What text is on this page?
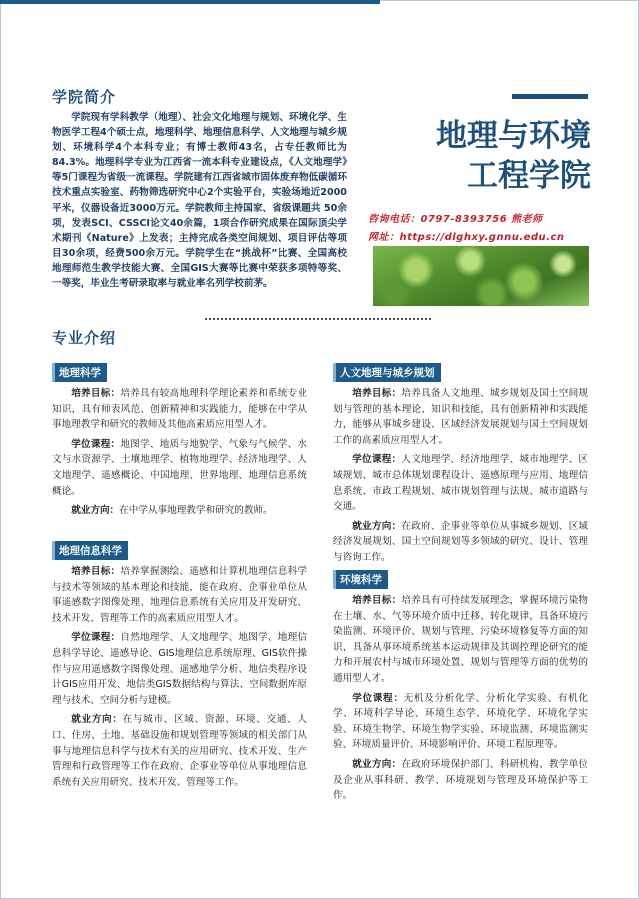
学院简介

学院现有学科教学（地理）、社会文化地理与规划、环境化学、生物医学工程4个硕士点，地理科学、地理信息科学、人文地理与城乡规划、环境科学4个本科专业；有博士教师43名，占专任教师比为84.3%。地理科学专业为江西省一流本科专业建设点，《人文地理学》等5门课程为省级一流课程。学院建有江西省城市固体废弃物低碳循环技术重点实验室、药物筛选研究中心2个实验平台，实验场地近2000平米，仪器设备近3000万元。学院教师主持国家、省级课题共 50余项，发表SCI、CSSCI论文40余篇，1项合作研究成果在国际顶尖学术期刊《Nature》上发表；主持完成各类空间规划、项目评估等项目30余项，经费500余万元。学院学生在“挑战杯”比赛、全国高校地理师范生教学技能大赛、全国GIS大赛等比赛中荣获多项特等奖、一等奖，毕业生考研录取率与就业率名列学校前茅。

地理与环境
工程学院
咨询电话：0797-8393756 熊老师
网址：https://dlghxy.gnnu.edu.cn
专业介绍
地理科学

培养目标：培养具有较高地理科学理论素养和系统专业知识，具有师表风范、创新精神和实践能力，能够在中学从事地理教学和研究的教师及其他高素质应用型人才。

学位课程：地图学、地质与地貌学、气象与气候学、水文与水资源学、土壤地理学、植物地理学、经济地理学、人文地理学、遥感概论、中国地理、世界地理、地理信息系统概论。

就业方向：在中学从事地理教学和研究的教师。

地理信息科学

培养目标：培养掌握测绘、遥感和计算机地理信息科学与技术等领域的基本理论和技能，能在政府、企事业单位从事遥感数字图像处理、地理信息系统有关应用及开发研究、技术开发、管理等工作的高素质应用型人才。

学位课程：自然地理学、人文地理学、地图学、地理信息科学导论、遥感导论、GIS地理信息系统原理、GIS软件操作与应用遥感数字图像处理、遥感地学分析、地信类程序设计GIS应用开发、地信类GIS数据结构与算法、空间数据库原理与技术、空间分析与建模。

就业方向：在与城市、区域、资源、环境、交通、人口、住房、土地、基础设施和规划管理等领域的相关部门从事与地理信息科学与技术有关的应用研究、技术开发、生产管理和行政管理等工作在政府、企事业等单位从事地理信息系统有关应用研究、技术开发、管理等工作。

人文地理与城乡规划

培养目标：培养具备人文地理、城乡规划及国土空间规划与管理的基本理论、知识和技能，具有创新精神和实践能力，能够从事城乡建设、区域经济发展规划与国土空间规划工作的高素质应用型人才。

学位课程：人文地理学、经济地理学、城市地理学、区域规划、城市总体规划课程设计、遥感原理与应用、地理信息系统、市政工程规划、城市规划管理与法规、城市道路与交通。

就业方向：在政府、企事业等单位从事城乡规划、区域经济发展规划、国土空间规划等多领域的研究、设计、管理与咨询工作。

环境科学

培养目标：培养具有可持续发展理念，掌握环境污染物在土壤、水、气等环境介质中迁移、转化规律，具备环境污染监测、环境评价、规划与管理、污染环境修复等方面的知识，具备从事环境系统基本运动规律及其调控理论研究的能力和开展农村与城市环境处置、规划与管理等方面的优势的通用型人才。

学位课程：无机及分析化学、分析化学实验、有机化学、环境科学导论、环境生态学、环境化学、环境化学实验、环境生物学、环境生物学实验、环境监测、环境监测实验、环境质量评价、环境影响评价、环境工程原理等。

就业方向：在政府环境保护部门、科研机构、教学单位及企业从事科研、教学、环境规划与管理及环境保护等工作。
